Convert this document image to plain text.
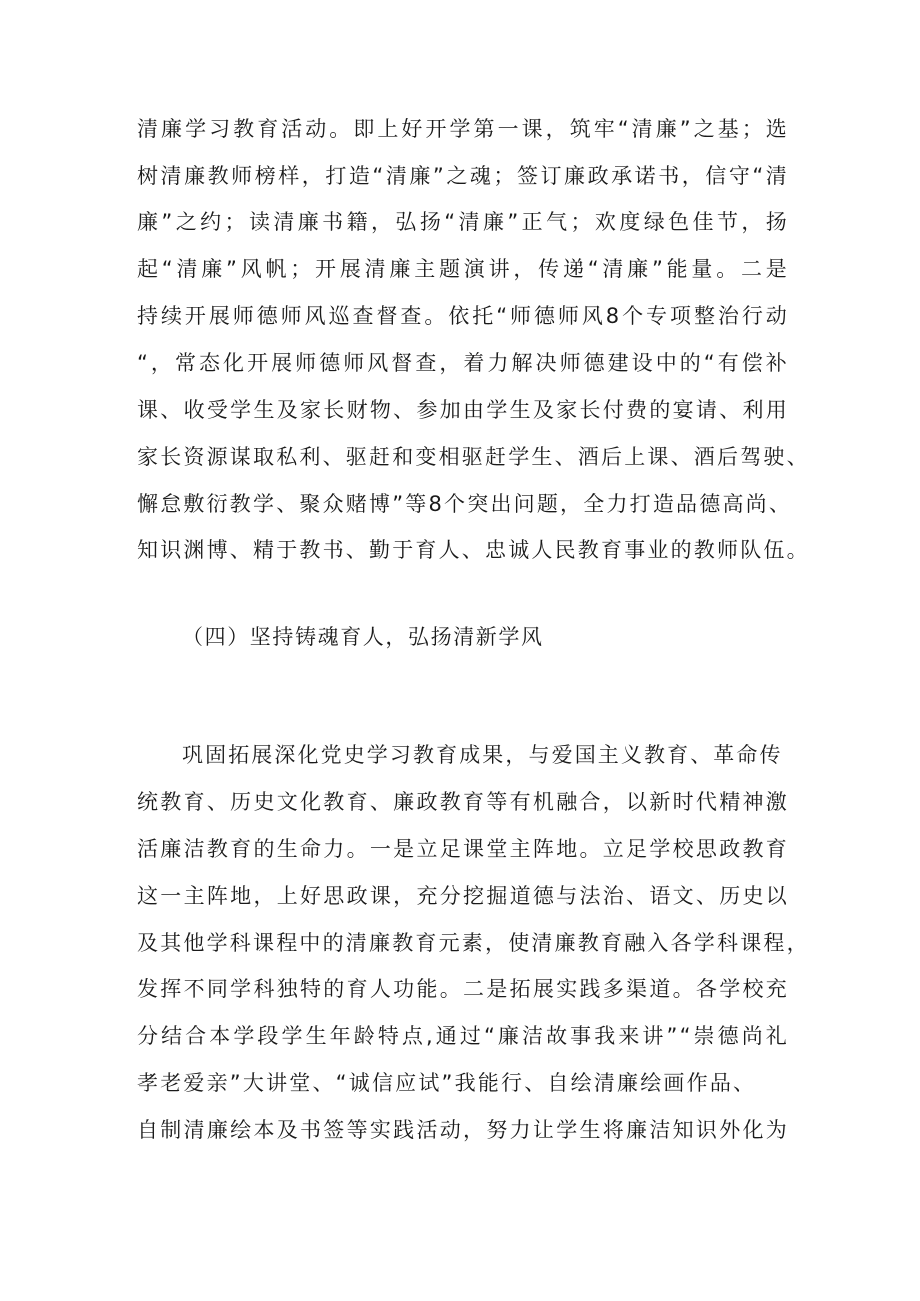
清廉学习教育活动。即上好开学第一课，筑牢“清廉”之基；选
树清廉教师榜样，打造“清廉”之魂；签订廉政承诺书，信守“清
廉”之约；读清廉书籍，弘扬“清廉”正气；欢度绿色佳节，扬
起“清廉”风帆；开展清廉主题演讲，传递“清廉”能量。二是
持续开展师德师风巡查督查。依托“师德师风8个专项整治行动
“，常态化开展师德师风督查，着力解决师德建设中的“有偿补
课、收受学生及家长财物、参加由学生及家长付费的宴请、利用
家长资源谋取私利、驱赶和变相驱赶学生、酒后上课、酒后驾驶、
懈怠敷衍教学、聚众赌博”等8个突出问题，全力打造品德高尚、
知识渊博、精于教书、勤于育人、忠诚人民教育事业的教师队伍。
（四）坚持铸魂育人，弘扬清新学风
巩固拓展深化党史学习教育成果，与爱国主义教育、革命传
统教育、历史文化教育、廉政教育等有机融合，以新时代精神激
活廉洁教育的生命力。一是立足课堂主阵地。立足学校思政教育
这一主阵地，上好思政课，充分挖掘道德与法治、语文、历史以
及其他学科课程中的清廉教育元素，使清廉教育融入各学科课程，
发挥不同学科独特的育人功能。二是拓展实践多渠道。各学校充
分结合本学段学生年龄特点,通过“廉洁故事我来讲”“崇德尚礼
孝老爱亲”大讲堂、“诚信应试”我能行、自绘清廉绘画作品、
自制清廉绘本及书签等实践活动，努力让学生将廉洁知识外化为
